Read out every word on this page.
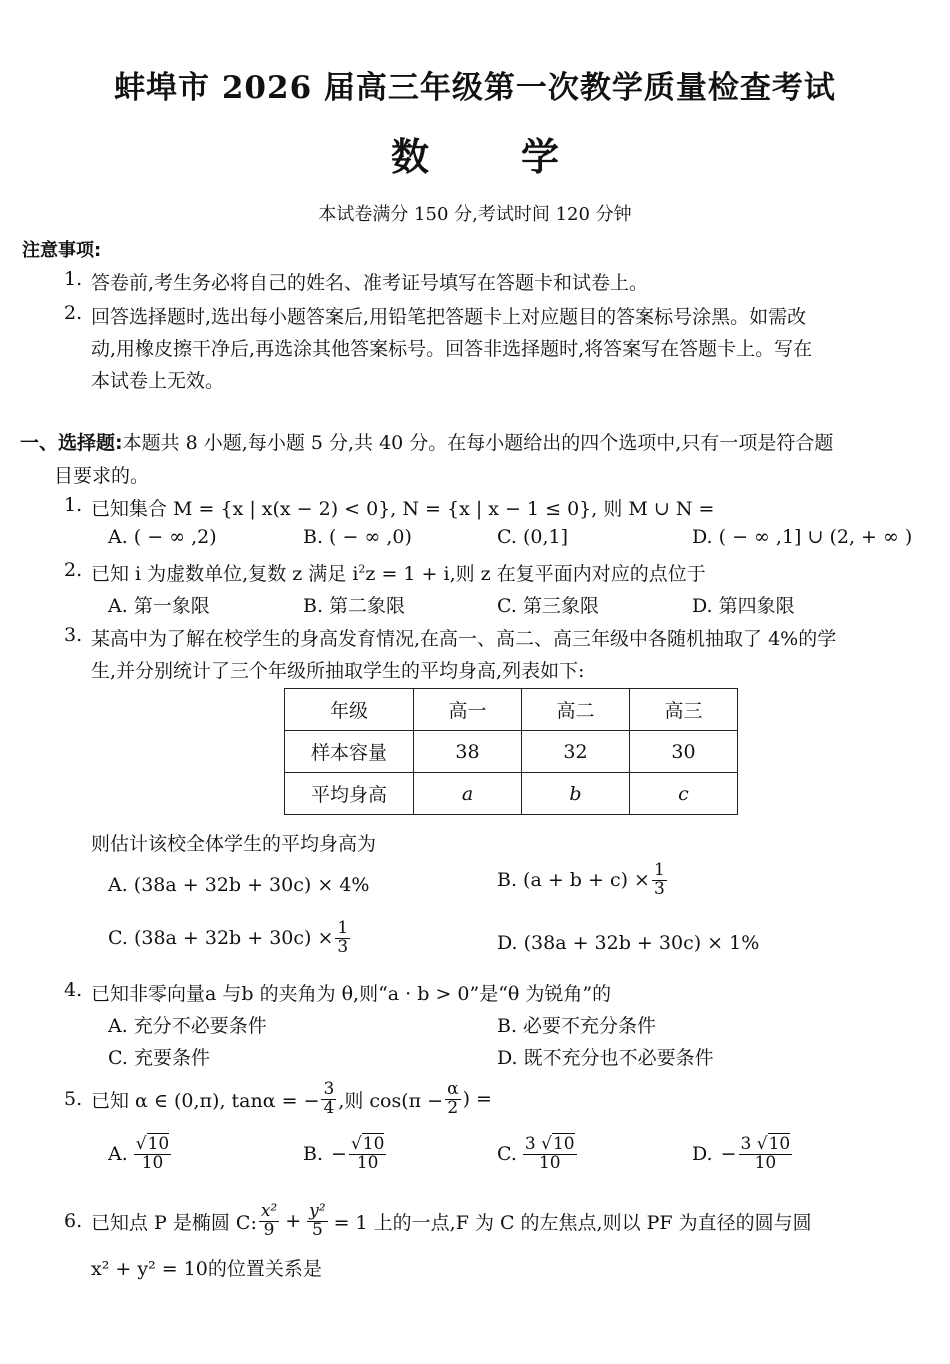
蚌埠市 2026 届高三年级第一次教学质量检查考试
数 学
本试卷满分 150 分,考试时间 120 分钟
注意事项:
1. 答卷前,考生务必将自己的姓名、准考证号填写在答题卡和试卷上。
2. 回答选择题时,选出每小题答案后,用铅笔把答题卡上对应题目的答案标号涂黑。如需改
动,用橡皮擦干净后,再选涂其他答案标号。回答非选择题时,将答案写在答题卡上。写在
本试卷上无效。
一、选择题:本题共 8 小题,每小题 5 分,共 40 分。在每小题给出的四个选项中,只有一项是符合题
目要求的。
1. 已知集合 M = {x | x(x − 2) < 0}, N = {x | x − 1 ≤ 0}, 则 M ∪ N =
A. ( − ∞ ,2)	B. ( − ∞ ,0)	C. (0,1]	D. ( − ∞ ,1] ∪ (2, + ∞ )
2. 已知 i 为虚数单位,复数 z 满足 $i^2z = 1 + i$,则 z 在复平面内对应的点位于
A. 第一象限	B. 第二象限	C. 第三象限	D. 第四象限
3. 某高中为了解在校学生的身高发育情况,在高一、高二、高三年级中各随机抽取了 4%的学
生,并分别统计了三个年级所抽取学生的平均身高,列表如下:
年级	高一	高二	高三
样本容量	38	32	30
平均身高	a	b	c
则估计该校全体学生的平均身高为
A. (38a + 32b + 30c) × 4%	B. $(a + b + c) \times \frac{1}{3}$
C. $(38a + 32b + 30c) \times \frac{1}{3}$	D. (38a + 32b + 30c) × 1%
4. 已知非零向量a 与b 的夹角为 θ,则“a · b > 0”是“θ 为锐角”的
A. 充分不必要条件	B. 必要不充分条件
C. 充要条件	D. 既不充分也不必要条件
5. 已知 α ∈ (0,π), tanα = − $\frac{3}{4}$ ,则 $\cos(\pi - \frac{\alpha}{2}$ ) =
A. $\frac{√10}{10}$	B. − $\frac{√10}{10}$	C. $\frac{3 √10}{10}$	D. − $\frac{3 √10}{10}$
6. 已知点 P 是椭圆 C: $\frac{\text{x²}}{9} + \frac{\text{y²}}{5} = 1$ 上的一点,F 为 C 的左焦点,则以 PF 为直径的圆与圆
x² + y² = 10的位置关系是
